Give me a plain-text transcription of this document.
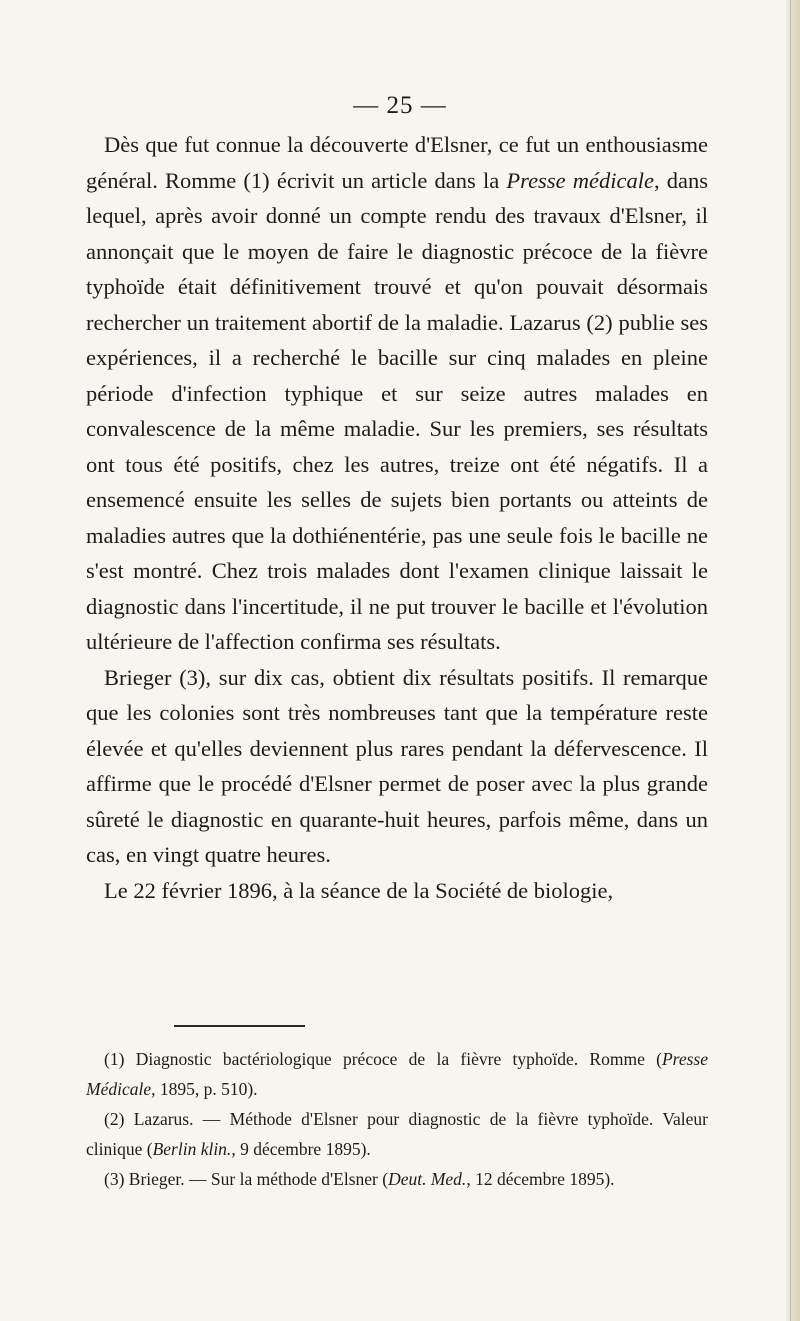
— 25 —

Dès que fut connue la découverte d'Elsner, ce fut un enthousiasme général. Romme (1) écrivit un article dans la Presse médicale, dans lequel, après avoir donné un compte rendu des travaux d'Elsner, il annonçait que le moyen de faire le diagnostic précoce de la fièvre typhoïde était définitivement trouvé et qu'on pouvait désormais rechercher un traitement abortif de la maladie. Lazarus (2) publie ses expériences, il a recherché le bacille sur cinq malades en pleine période d'infection typhique et sur seize autres malades en convalescence de la même maladie. Sur les premiers, ses résultats ont tous été positifs, chez les autres, treize ont été négatifs. Il a ensemencé ensuite les selles de sujets bien portants ou atteints de maladies autres que la dothiénentérie, pas une seule fois le bacille ne s'est montré. Chez trois malades dont l'examen clinique laissait le diagnostic dans l'incertitude, il ne put trouver le bacille et l'évolution ultérieure de l'affection confirma ses résultats.

Brieger (3), sur dix cas, obtient dix résultats positifs. Il remarque que les colonies sont très nombreuses tant que la température reste élevée et qu'elles deviennent plus rares pendant la défervescence. Il affirme que le procédé d'Elsner permet de poser avec la plus grande sûreté le diagnostic en quarante-huit heures, parfois même, dans un cas, en vingt quatre heures.

Le 22 février 1896, à la séance de la Société de biologie,

(1) Diagnostic bactériologique précoce de la fièvre typhoïde. Romme (Presse Médicale, 1895, p. 510).

(2) Lazarus. — Méthode d'Elsner pour diagnostic de la fièvre typhoïde. Valeur clinique (Berlin klin., 9 décembre 1895).

(3) Brieger. — Sur la méthode d'Elsner (Deut. Med., 12 décembre 1895).
